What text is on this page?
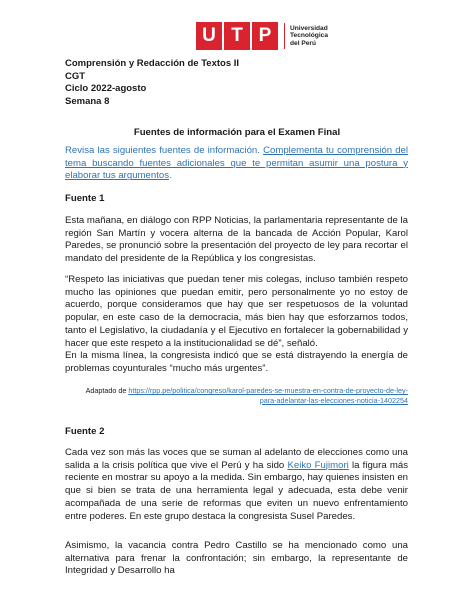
U T P	Universidad
Tecnológica
del Perú
Comprensión y Redacción de Textos II
CGT
Ciclo 2022-agosto
Semana 8
Fuentes de información para el Examen Final
Revisa las siguientes fuentes de información. Complementa tu comprensión del tema buscando fuentes adicionales que te permitan asumir una postura y elaborar tus argumentos.
Fuente 1
Esta mañana, en diálogo con RPP Noticias, la parlamentaria representante de la región San Martín y vocera alterna de la bancada de Acción Popular, Karol Paredes, se pronunció sobre la presentación del proyecto de ley para recortar el mandato del presidente de la República y los congresistas.
“Respeto las iniciativas que puedan tener mis colegas, incluso también respeto mucho las opiniones que puedan emitir, pero personalmente yo no estoy de acuerdo, porque consideramos que hay que ser respetuosos de la voluntad popular, en este caso de la democracia, más bien hay que esforzarnos todos, tanto el Legislativo, la ciudadanía y el Ejecutivo en fortalecer la gobernabilidad y hacer que este respeto a la institucionalidad se dé”, señaló.
En la misma línea, la congresista indicó que se está distrayendo la energía de problemas coyunturales “mucho más urgentes”.
Adaptado de https://rpp.pe/politica/congreso/karol-paredes-se-muestra-en-contra-de-proyecto-de-ley-
para-adelantar-las-elecciones-noticia-1402254
Fuente 2
Cada vez son más las voces que se suman al adelanto de elecciones como una salida a la crisis política que vive el Perú y ha sido Keiko Fujimori la figura más reciente en mostrar su apoyo a la medida. Sin embargo, hay quienes insisten en que si bien se trata de una herramienta legal y adecuada, esta debe venir acompañada de una serie de reformas que eviten un nuevo enfrentamiento entre poderes. En este grupo destaca la congresista Susel Paredes.
Asimismo, la vacancia contra Pedro Castillo se ha mencionado como una alternativa para frenar la confrontación; sin embargo, la representante de Integridad y Desarrollo ha
